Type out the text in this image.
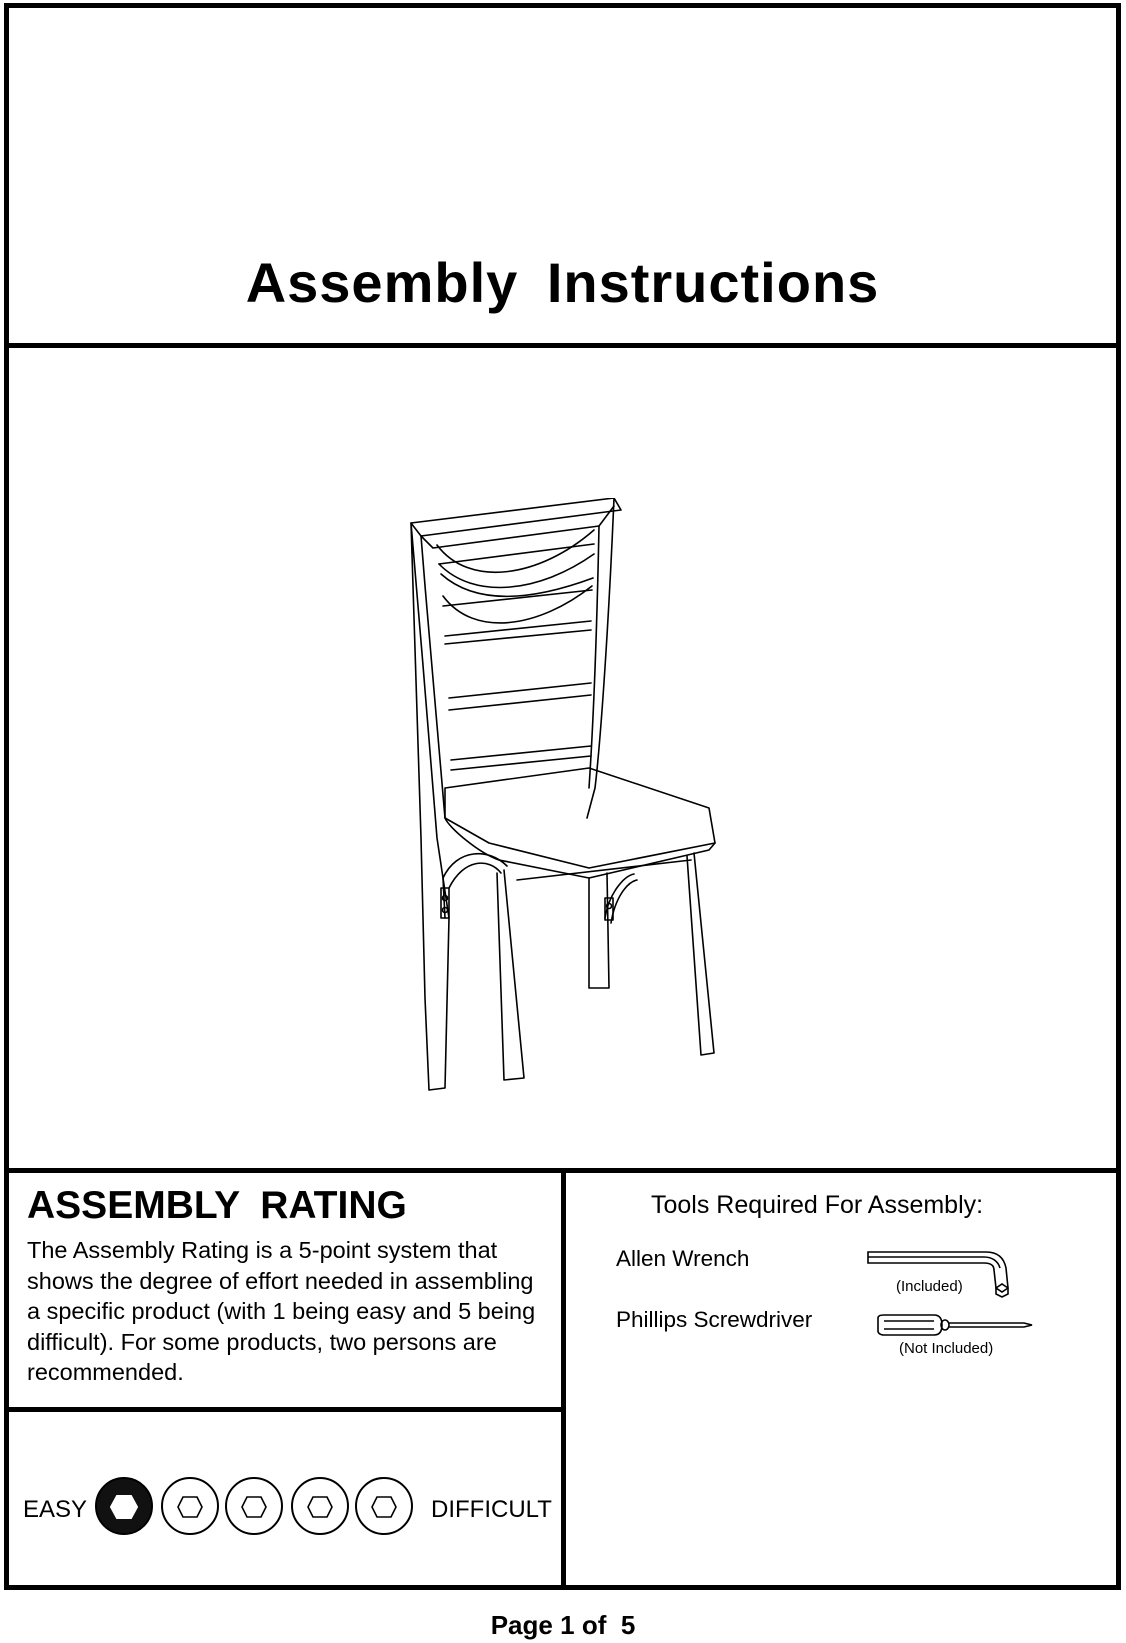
Assembly Instructions
ASSEMBLY RATING
The Assembly Rating is a 5-point system that shows the degree of effort needed in assembling a specific product (with 1 being easy and 5 being difficult). For some products, two persons are recommended.
EASY	DIFFICULT
Tools Required For Assembly:
Allen Wrench
(Included)
Phillips Screwdriver
(Not Included)
Page 1 of  5
